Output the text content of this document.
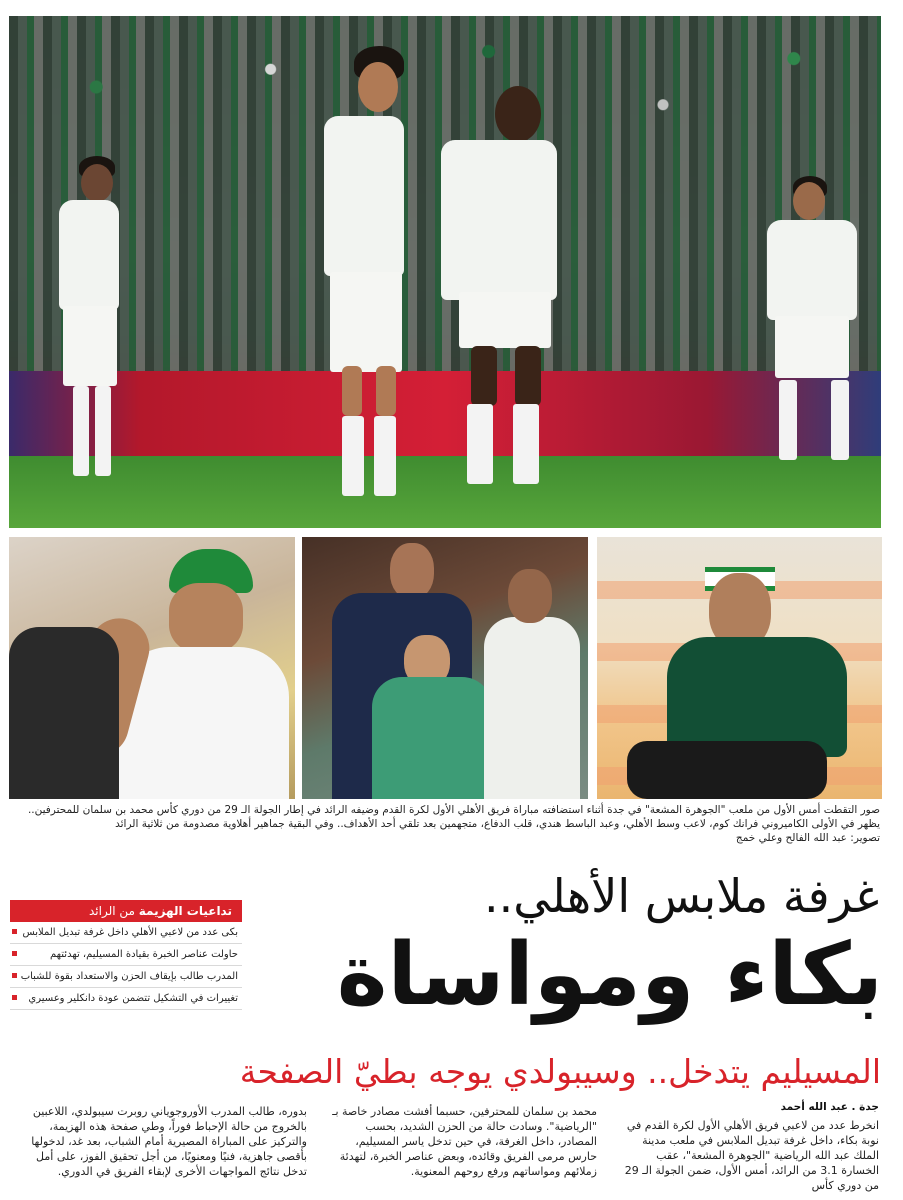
صور التقطت أمس الأول من ملعب "الجوهرة المشعة" في جدة أثناء استضافته مباراة فريق الأهلي الأول لكرة القدم وضيفه الرائد في إطار الجولة الـ 29 من دوري كأس محمد بن سلمان للمحترفين.. يظهر في الأولى الكاميروني فرانك كوم، لاعب وسط الأهلي، وعبد الباسط هندي، قلب الدفاع، متجهمين بعد تلقي أحد الأهداف.. وفي البقية جماهير أهلاوية مصدومة من ثلاثية الرائد
تصوير: عبد الله الفالح وعلي خمج
غرفة ملابس الأهلي..
بكاء ومواساة
المسيليم يتدخل.. وسيبولدي يوجه بطيّ الصفحة
تداعيات الهزيمة من الرائد
بكى عدد من لاعبي الأهلي داخل غرفة تبديل الملابس
حاولت عناصر الخبرة بقيادة المسيليم، تهدئتهم
المدرب طالب بإيقاف الحزن والاستعداد بقوة للشباب
تغييرات في التشكيل تتضمن عودة دانكلير وعسيري
جدة . عبد الله أحمد
انخرط عدد من لاعبي فريق الأهلي الأول لكرة القدم في نوبة بكاء، داخل غرفة تبديل الملابس في ملعب مدينة الملك عبد الله الرياضية "الجوهرة المشعة"، عقب الخسارة 3.1 من الرائد، أمس الأول، ضمن الجولة الـ 29 من دوري كأس
محمد بن سلمان للمحترفين، حسبما أفشت مصادر خاصة بـ "الرياضية". وسادت حالة من الحزن الشديد، بحسب المصادر، داخل الغرفة، في حين تدخل ياسر المسيليم، حارس مرمى الفريق وقائده، وبعض عناصر الخبرة، لتهدئة زملائهم ومواساتهم ورفع روحهم المعنوية.
بدوره، طالب المدرب الأوروجوياني روبرت سيبولدي، اللاعبين بالخروج من حالة الإحباط فوراً، وطي صفحة هذه الهزيمة، والتركيز على المباراة المصيرية أمام الشباب، بعد غد، لدخولها بأقصى جاهزية، فنيًا ومعنويًا، من أجل تحقيق الفوز، على أمل تدخل نتائج المواجهات الأخرى لإبقاء الفريق في الدوري.
